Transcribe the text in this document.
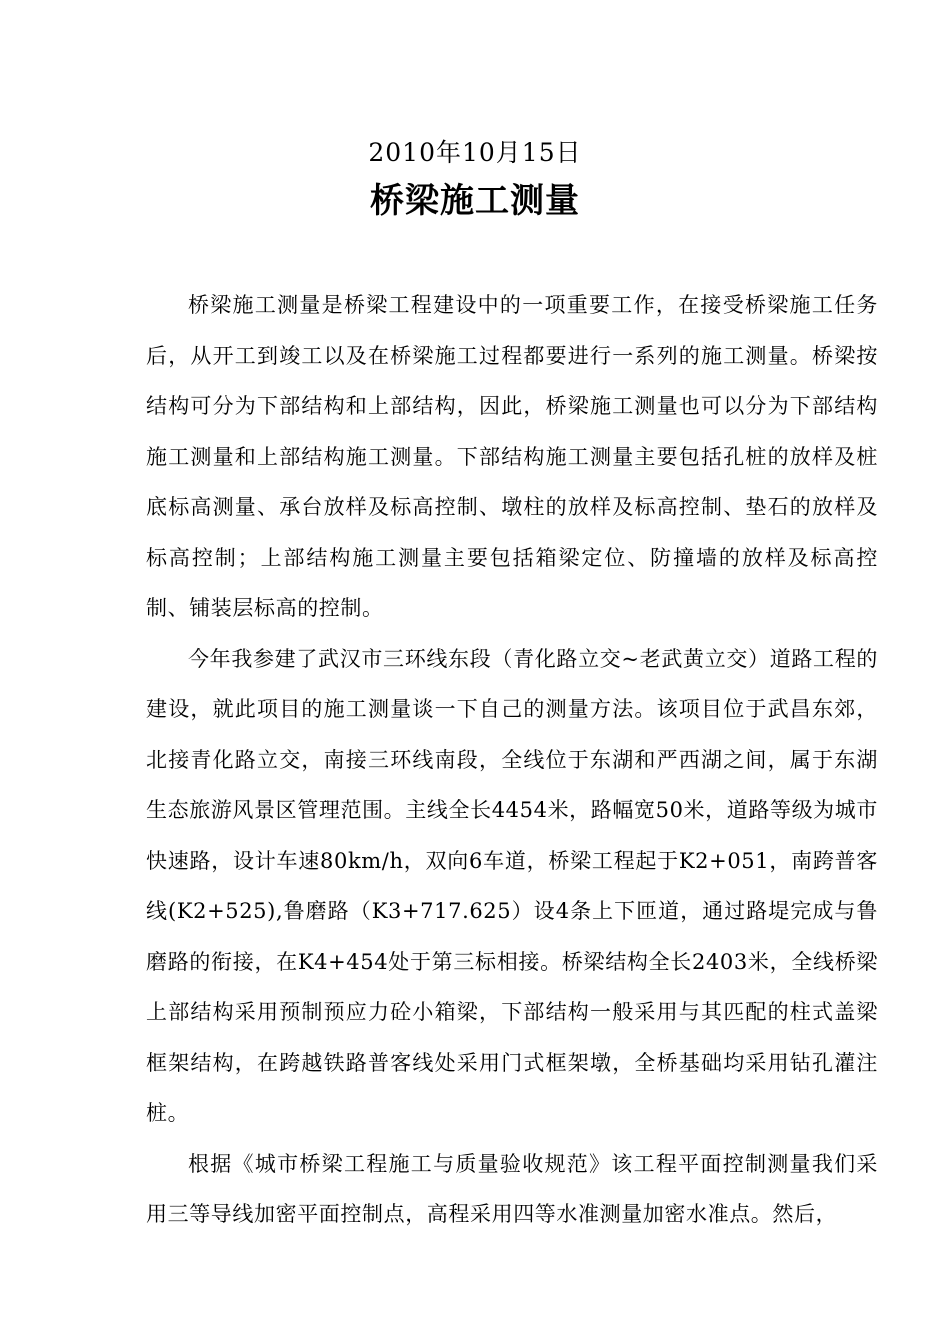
2010年10月15日
桥梁施工测量

桥梁施工测量是桥梁工程建设中的一项重要工作，在接受桥梁施工任务后，从开工到竣工以及在桥梁施工过程都要进行一系列的施工测量。桥梁按结构可分为下部结构和上部结构，因此，桥梁施工测量也可以分为下部结构施工测量和上部结构施工测量。下部结构施工测量主要包括孔桩的放样及桩底标高测量、承台放样及标高控制、墩柱的放样及标高控制、垫石的放样及标高控制；上部结构施工测量主要包括箱梁定位、防撞墙的放样及标高控制、铺装层标高的控制。

今年我参建了武汉市三环线东段（青化路立交~老武黄立交）道路工程的建设，就此项目的施工测量谈一下自己的测量方法。该项目位于武昌东郊，北接青化路立交，南接三环线南段，全线位于东湖和严西湖之间，属于东湖生态旅游风景区管理范围。主线全长4454米，路幅宽50米，道路等级为城市快速路，设计车速80km/h，双向6车道，桥梁工程起于K2+051，南跨普客线(K2+525),鲁磨路（K3+717.625）设4条上下匝道，通过路堤完成与鲁磨路的衔接，在K4+454处于第三标相接。桥梁结构全长2403米，全线桥梁上部结构采用预制预应力砼小箱梁，下部结构一般采用与其匹配的柱式盖梁框架结构，在跨越铁路普客线处采用门式框架墩，全桥基础均采用钻孔灌注桩。

根据《城市桥梁工程施工与质量验收规范》该工程平面控制测量我们采用三等导线加密平面控制点，高程采用四等水准测量加密水准点。然后，
